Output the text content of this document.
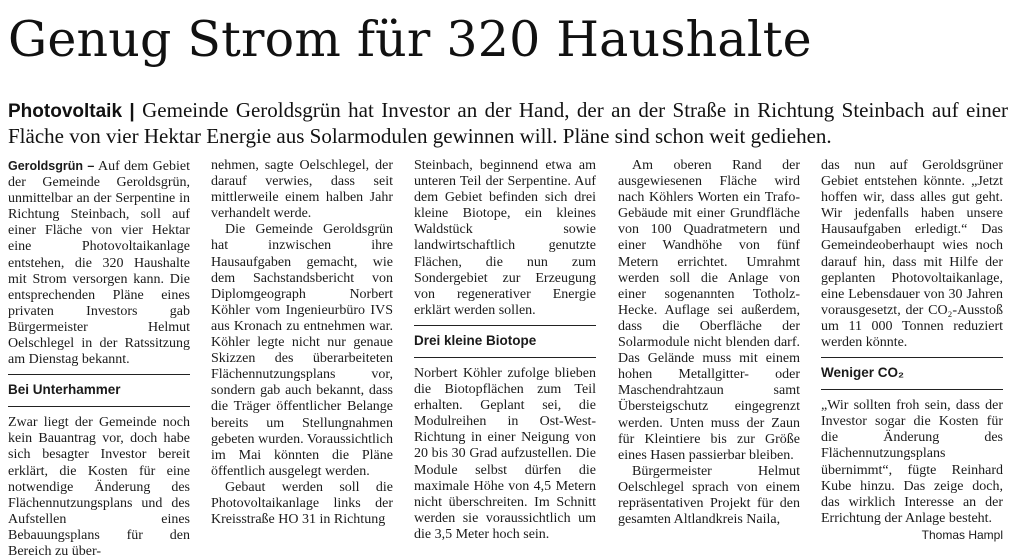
Genug Strom für 320 Haushalte
Photovoltaik | Gemeinde Geroldsgrün hat Investor an der Hand, der an der Straße in Richtung Steinbach auf einer Fläche von vier Hektar Energie aus Solarmodulen gewinnen will. Pläne sind schon weit gediehen.

Geroldsgrün – Auf dem Gebiet der Gemeinde Geroldsgrün, unmittelbar an der Serpentine in Richtung Steinbach, soll auf einer Fläche von vier Hektar eine Photovoltaikanlage entstehen, die 320 Haushalte mit Strom versorgen kann. Die entsprechenden Pläne eines privaten Investors gab Bürgermeister Helmut Oelschlegel in der Ratssitzung am Dienstag bekannt.

Bei Unterhammer

Zwar liegt der Gemeinde noch kein Bauantrag vor, doch habe sich besagter Investor bereit erklärt, die Kosten für eine notwendige Änderung des Flächennutzungsplans und des Aufstellen eines Bebauungsplans für den Bereich zu über-

nehmen, sagte Oelschlegel, der darauf verwies, dass seit mittlerweile einem halben Jahr verhandelt werde.

Die Gemeinde Geroldsgrün hat inzwischen ihre Hausaufgaben gemacht, wie dem Sachstandsbericht von Diplomgeograph Norbert Köhler vom Ingenieurbüro IVS aus Kronach zu entnehmen war. Köhler legte nicht nur genaue Skizzen des überarbeiteten Flächennutzungsplans vor, sondern gab auch bekannt, dass die Träger öffentlicher Belange bereits um Stellungnahmen gebeten wurden. Voraussichtlich im Mai könnten die Pläne öffentlich ausgelegt werden.

Gebaut werden soll die Photovoltaikanlage links der Kreisstraße HO 31 in Richtung

Steinbach, beginnend etwa am unteren Teil der Serpentine. Auf dem Gebiet befinden sich drei kleine Biotope, ein kleines Waldstück sowie landwirtschaftlich genutzte Flächen, die nun zum Sondergebiet zur Erzeugung von regenerativer Energie erklärt werden sollen.

Drei kleine Biotope

Norbert Köhler zufolge blieben die Biotopflächen zum Teil erhalten. Geplant sei, die Modulreihen in Ost-West-Richtung in einer Neigung von 20 bis 30 Grad aufzustellen. Die Module selbst dürfen die maximale Höhe von 4,5 Metern nicht überschreiten. Im Schnitt werden sie voraussichtlich um die 3,5 Meter hoch sein.

Am oberen Rand der ausgewiesenen Fläche wird nach Köhlers Worten ein Trafo-Gebäude mit einer Grundfläche von 100 Quadratmetern und einer Wandhöhe von fünf Metern errichtet. Umrahmt werden soll die Anlage von einer sogenannten Totholz-Hecke. Auflage sei außerdem, dass die Oberfläche der Solarmodule nicht blenden darf. Das Gelände muss mit einem hohen Metallgitter- oder Maschendrahtzaun samt Übersteigschutz eingegrenzt werden. Unten muss der Zaun für Kleintiere bis zur Größe eines Hasen passierbar bleiben.

Bürgermeister Helmut Oelschlegel sprach von einem repräsentativen Projekt für den gesamten Altlandkreis Naila,

das nun auf Geroldsgrüner Gebiet entstehen könnte. „Jetzt hoffen wir, dass alles gut geht. Wir jedenfalls haben unsere Hausaufgaben erledigt.“ Das Gemeindeoberhaupt wies noch darauf hin, dass mit Hilfe der geplanten Photovoltaikanlage, eine Lebensdauer von 30 Jahren vorausgesetzt, der CO₂-Ausstoß um 11 000 Tonnen reduziert werden könnte.

Weniger CO₂

„Wir sollten froh sein, dass der Investor sogar die Kosten für die Änderung des Flächennutzungsplans übernimmt“, fügte Reinhard Kube hinzu. Das zeige doch, das wirklich Interesse an der Errichtung der Anlage besteht.
Thomas Hampl
